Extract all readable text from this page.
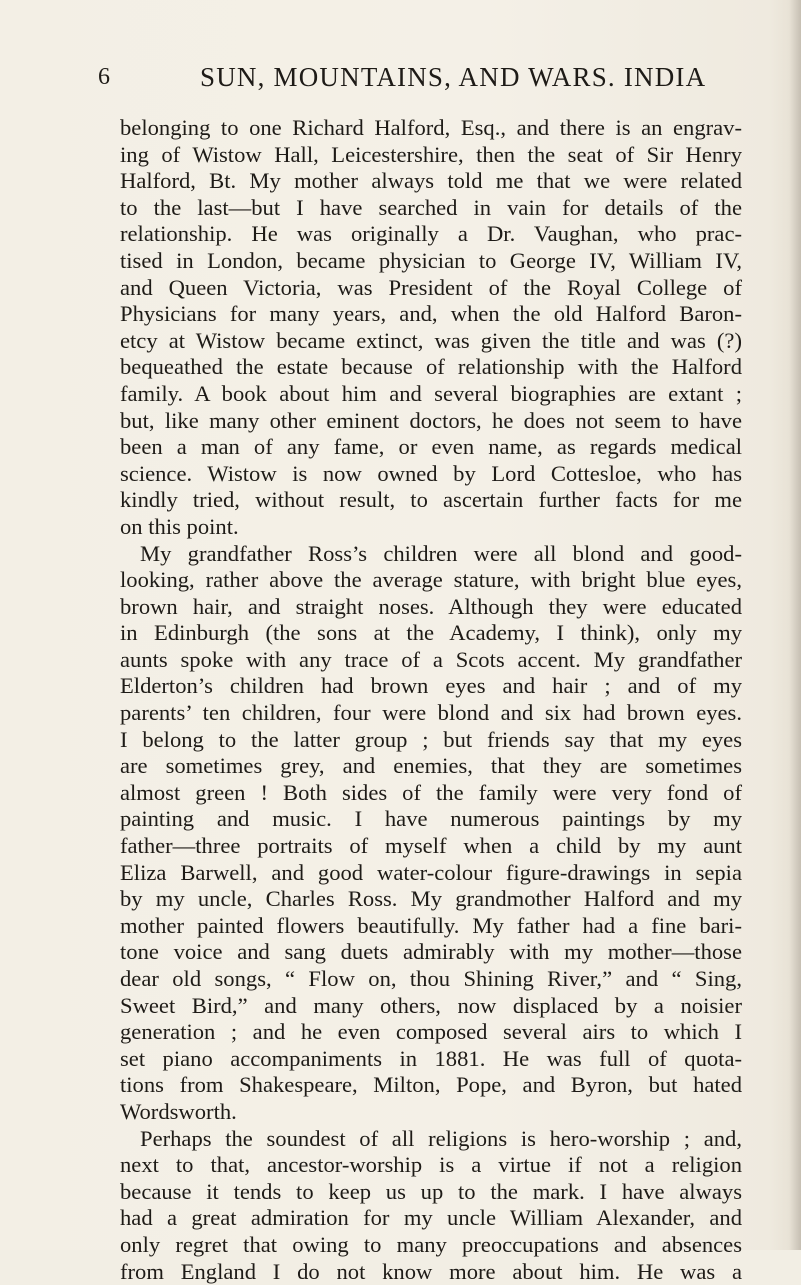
6	SUN, MOUNTAINS, AND WARS. INDIA
belonging to one Richard Halford, Esq., and there is an engrav-
ing of Wistow Hall, Leicestershire, then the seat of Sir Henry
Halford, Bt. My mother always told me that we were related
to the last—but I have searched in vain for details of the
relationship. He was originally a Dr. Vaughan, who prac-
tised in London, became physician to George IV, William IV,
and Queen Victoria, was President of the Royal College of
Physicians for many years, and, when the old Halford Baron-
etcy at Wistow became extinct, was given the title and was (?)
bequeathed the estate because of relationship with the Halford
family. A book about him and several biographies are extant ;
but, like many other eminent doctors, he does not seem to have
been a man of any fame, or even name, as regards medical
science. Wistow is now owned by Lord Cottesloe, who has
kindly tried, without result, to ascertain further facts for me
on this point.
My grandfather Ross’s children were all blond and good-
looking, rather above the average stature, with bright blue eyes,
brown hair, and straight noses. Although they were educated
in Edinburgh (the sons at the Academy, I think), only my
aunts spoke with any trace of a Scots accent. My grandfather
Elderton’s children had brown eyes and hair ; and of my
parents’ ten children, four were blond and six had brown eyes.
I belong to the latter group ; but friends say that my eyes
are sometimes grey, and enemies, that they are sometimes
almost green ! Both sides of the family were very fond of
painting and music. I have numerous paintings by my
father—three portraits of myself when a child by my aunt
Eliza Barwell, and good water-colour figure-drawings in sepia
by my uncle, Charles Ross. My grandmother Halford and my
mother painted flowers beautifully. My father had a fine bari-
tone voice and sang duets admirably with my mother—those
dear old songs, “ Flow on, thou Shining River,” and “ Sing,
Sweet Bird,” and many others, now displaced by a noisier
generation ; and he even composed several airs to which I
set piano accompaniments in 1881. He was full of quota-
tions from Shakespeare, Milton, Pope, and Byron, but hated
Wordsworth.
Perhaps the soundest of all religions is hero-worship ; and,
next to that, ancestor-worship is a virtue if not a religion
because it tends to keep us up to the mark. I have always
had a great admiration for my uncle William Alexander, and
only regret that owing to many preoccupations and absences
from England I do not know more about him. He was a
